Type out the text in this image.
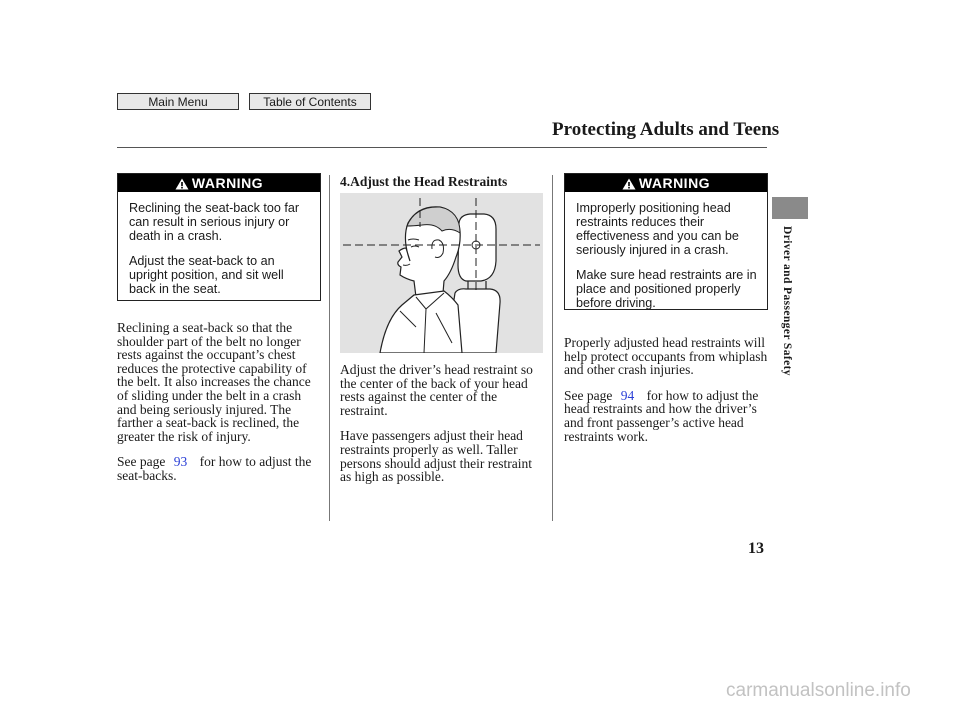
Main Menu	Table of Contents
Protecting Adults and Teens
Driver and Passenger Safety
WARNING

Reclining the seat-back too far can result in serious injury or death in a crash.

Adjust the seat-back to an upright position, and sit well back in the seat.

Reclining a seat-back so that the shoulder part of the belt no longer rests against the occupant’s chest reduces the protective capability of the belt. It also increases the chance of sliding under the belt in a crash and being seriously injured. The farther a seat-back is reclined, the greater the risk of injury.

See page 93 for how to adjust the seat-backs.

4.Adjust the Head Restraints

Adjust the driver’s head restraint so the center of the back of your head rests against the center of the restraint.

Have passengers adjust their head restraints properly as well. Taller persons should adjust their restraint as high as possible.

WARNING

Improperly positioning head restraints reduces their effectiveness and you can be seriously injured in a crash.

Make sure head restraints are in place and positioned properly before driving.

Properly adjusted head restraints will help protect occupants from whiplash and other crash injuries.

See page 94 for how to adjust the head restraints and how the driver’s and front passenger’s active head restraints work.

13
carmanualsonline.info
